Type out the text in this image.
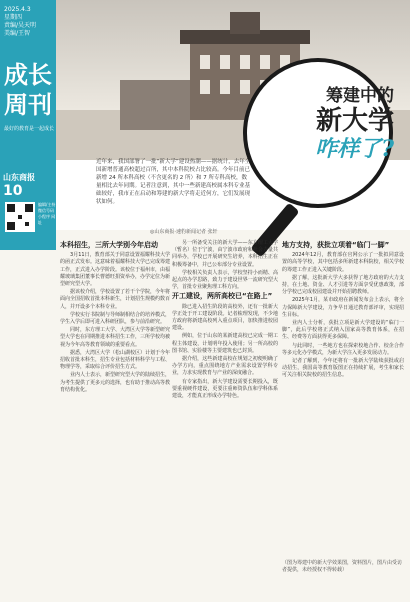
2025.4.3
星期四
责编/吴天明
美编/王智
成长
周刊
最好的教育是一起成长
山东商报
10
编辑/主持 微信号码 小程序 网址
筹建中的
新大学
咋样了?
近年来，我国部署了一批“新大学”建设热潮——据统计，去年全国新增普通高校超过百所，其中本科院校占比较高。今年目前已新增 24 所本科高校（不含更名的 2 所）和 7 所专科高校，数量相比去年同期。记者注意到，其中一些新建高校属本科专业基础较好，我市正在启动和筹建的新大学将走近何方，它们发展现状如何。
◎山东商报·速豹新闻记者 张轩
本科招生，三所大学别今年启动

3月11日，教育部关于同意设置福耀科技大学的函正式发布。这意味着福耀科技大学已完成筹建工作，正式进入办学阶段。该校位于福州市，由福耀玻璃集团董事长曹德旺捐资举办，办学定位为新型研究型大学。

据该校介绍，学校设置了若干个学院，今年将面向全国招收首批本科新生，计划招生规模约数百人，并开设多个本科专业。

学校实行书院制与导师制相结合的培养模式，学生入学后即可进入科研团队，参与前沿研究。

同时，东方理工大学、大湾区大学等新型研究型大学也在同期推进本科招生工作，三所学校均被视为今年高等教育领域的重要看点。

据悉，大湾区大学（松山湖校区）计划于今年招收首批本科生，招生专业包括材料科学与工程、物理学等，采取综合评价招生方式。

业内人士表示，新型研究型大学的陆续招生，为考生提供了更多元的选择，也有助于推动高等教育结构优化。

另一所备受关注的新大学——东方理工大学（暂名）位于宁波，由宁波市政府和社会力量共同举办，学校已开展研究生培养，本科招生正在积极筹备中，并已公布部分专业设置。

学校相关负责人表示，学校坚持小而精、高起点的办学思路，致力于建设世界一流研究型大学，首批专业聚焦理工科方向。

开工建设，两所高校已“在路上”

除已进入招生阶段的高校外，还有一批新大学正处于开工建设阶段。记者梳理发现，不少地方政府将新建高校列入重点项目，加快推进校园建设。

例如，位于山东的某新建高校已完成一期工程主体建设，计划明年投入使用；另一所高校的图书馆、实验楼等主要建筑也已封顶。

据介绍，这些新建高校在规划之初便明确了办学方向，重点围绕地方产业需求设置学科专业，力求实现教育与产业的深度融合。

有专家指出，新大学建设需要长期投入，既要重视硬件建设，更要注重师资队伍和学科体系建设，才能真正形成办学特色。

地方支持，获批立项着“临门一脚”

2024年12月，教育部在官网公示了一批拟同意设置的高等学校，其中包括多所新建本科院校，相关学校的筹建工作正进入关键阶段。

据了解，这批新大学大多获得了地方政府的大力支持，在土地、资金、人才引进等方面享受优惠政策，部分学校已完成校园建设并开始招聘教师。

2025年1月，某市政府在新闻发布会上表示，将全力保障新大学建设，力争早日通过教育部评审，实现招生目标。

业内人士分析，获批立项是新大学建设的“临门一脚”，此后学校将正式纳入国家高等教育体系，在招生、经费等方面获得更多保障。

与此同时，一些地方也在探索校地合作、校企合作等多元化办学模式，为新大学注入更多发展动力。

记者了解到，今年还将有一批新大学陆续获批或启动招生，我国高等教育版图正在持续扩展，考生和家长可关注相关院校的招生信息。

（图为筹建中的新大学效果图，资料图片，图片由受访者提供，未经授权不得转载）
